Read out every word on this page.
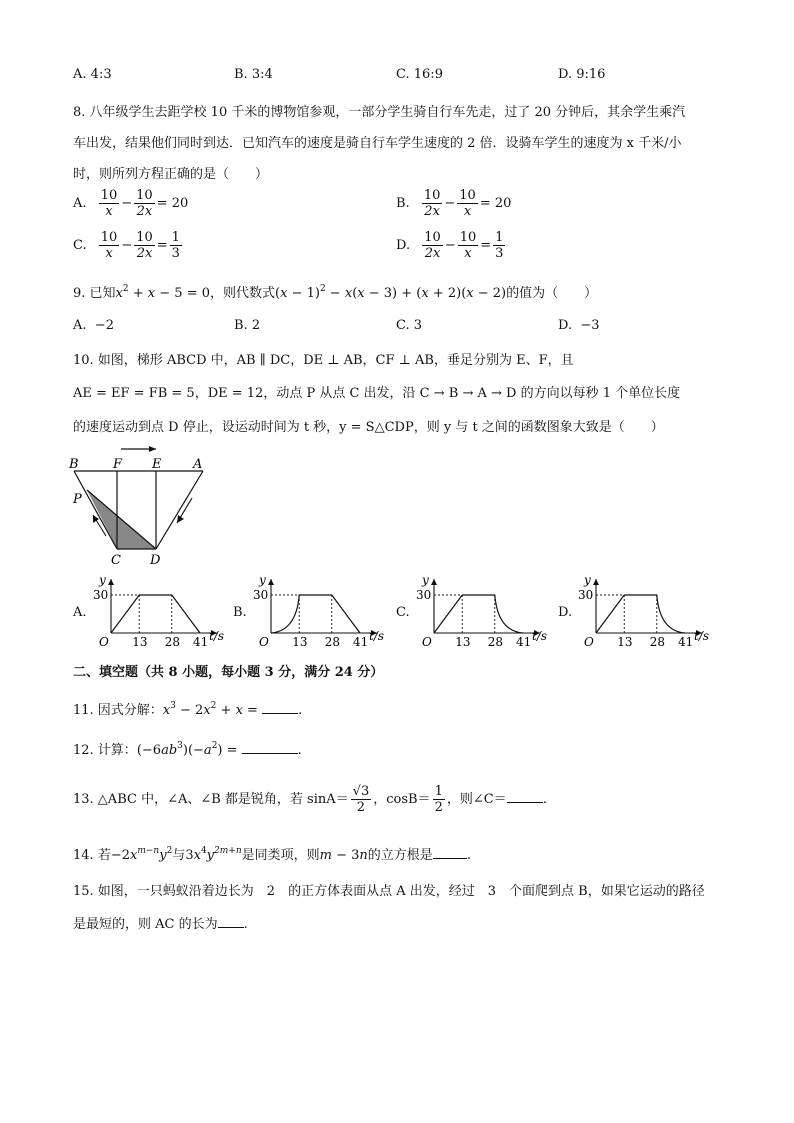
A. 4:3	B. 3:4	C. 16:9	D. 9:16
8. 八年级学生去距学校 10 千米的博物馆参观，一部分学生骑自行车先走，过了 20 分钟后，其余学生乘汽
车出发，结果他们同时到达．已知汽车的速度是骑自行车学生速度的 2 倍．设骑车学生的速度为 x 千米/小
时，则所列方程正确的是（　　）
A. $\frac{10}{x} - \frac{10}{2x} = 20$	B. $\frac{10}{2x} - \frac{10}{x} = 20$
C. $\frac{10}{x} - \frac{10}{2x} = \frac{1}{3}$	D. $\frac{10}{2x} - \frac{10}{x} = \frac{1}{3}$
9. 已知$x^2 + x - 5 = 0$，则代数式$(x - 1)^2 - x(x - 3) + (x + 2)(x - 2)$的值为（　　）
A. −2	B. 2	C. 3	D. −3
10. 如图，梯形 ABCD 中，AB ∥ DC，DE ⊥ AB，CF ⊥ AB，垂足分别为 E、F，且
AE = EF = FB = 5，DE = 12，动点 P 从点 C 出发，沿 C → B → A → D 的方向以每秒 1 个单位长度
的速度运动到点 D 停止，设运动时间为 t 秒，y = S△CDP，则 y 与 t 之间的函数图象大致是（　　）
B	F E A
P
C D
A.
30
O 13 28 41 t/s
y
B.
30
O 13 28 41 t/s
y
C.
30
O 13 28 41 t/s
y
D.
30
O 13 28 41 t/s
y
二、填空题（共 8 小题，每小题 3 分，满分 24 分）
11. 因式分解：$x^3 - 2x^2 + x$ =	.
12. 计算：$(-6ab^3)(-a^2)$ =	.
13. △ABC 中，∠A、∠B 都是锐角，若 $\sin A= \frac{√3}{2}$ ，$\cos B= \frac{1}{2}$ ，则∠C＝	.
14. 若$-2x^{m-n}y^2$与$3x^4y^{2m+n}$是同类项，则m − 3n的立方根是	.
15. 如图，一只蚂蚁沿着边长为　2　的正方体表面从点 A 出发，经过　3　个面爬到点 B，如果它运动的路径
是最短的，则 AC 的长为 .
